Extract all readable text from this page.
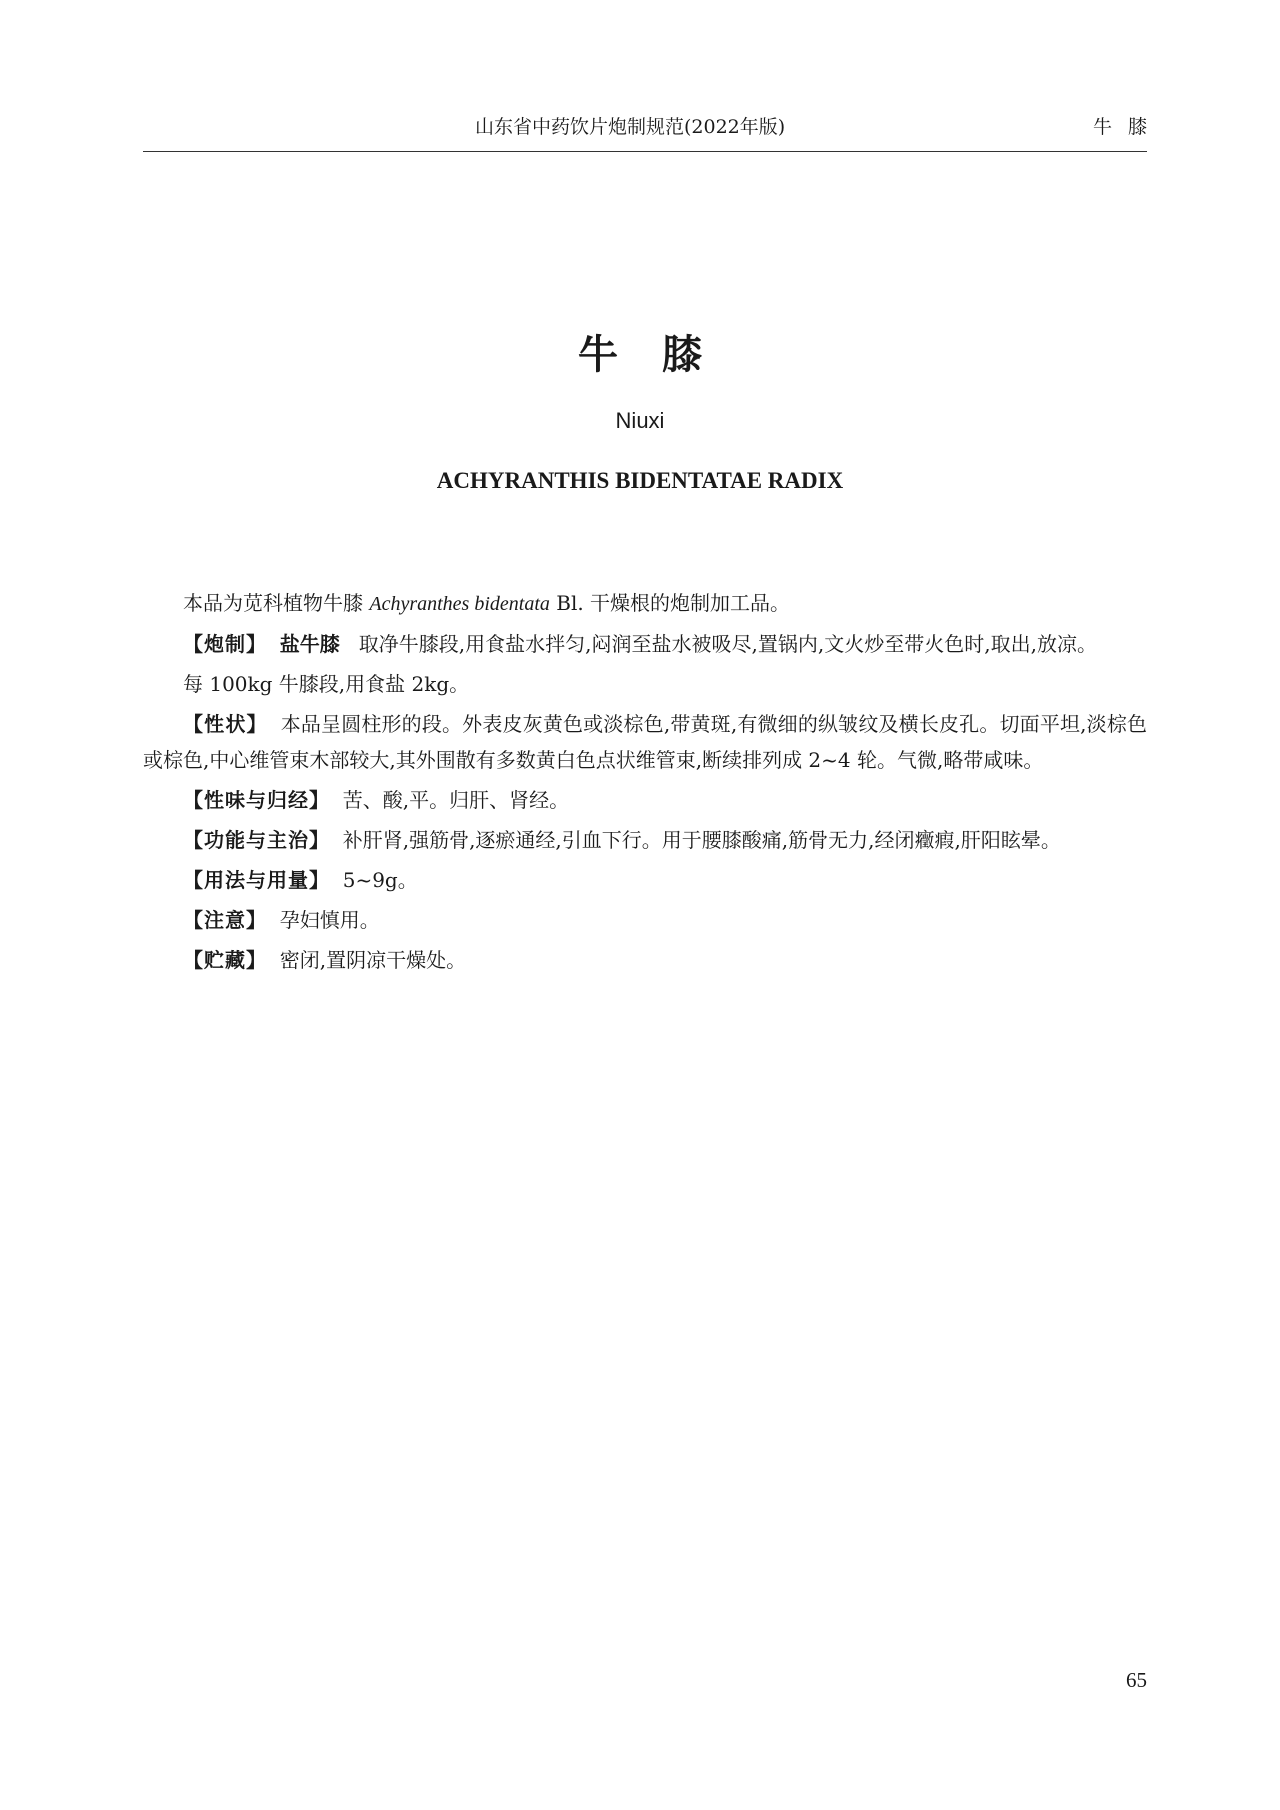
山东省中药饮片炮制规范(2022年版)	牛膝
牛膝
Niuxi
ACHYRANTHIS BIDENTATAE RADIX

本品为苋科植物牛膝 Achyranthes bidentata Bl. 干燥根的炮制加工品。

【炮制】 盐牛膝 取净牛膝段,用食盐水拌匀,闷润至盐水被吸尽,置锅内,文火炒至带火色时,取出,放凉。

每 100kg 牛膝段,用食盐 2kg。

【性状】 本品呈圆柱形的段。外表皮灰黄色或淡棕色,带黄斑,有微细的纵皱纹及横长皮孔。切面平坦,淡棕色或棕色,中心维管束木部较大,其外围散有多数黄白色点状维管束,断续排列成 2~4 轮。气微,略带咸味。

【性味与归经】 苦、酸,平。归肝、肾经。

【功能与主治】 补肝肾,强筋骨,逐瘀通经,引血下行。用于腰膝酸痛,筋骨无力,经闭癥瘕,肝阳眩晕。

【用法与用量】 5~9g。

【注意】 孕妇慎用。

【贮藏】 密闭,置阴凉干燥处。

65
